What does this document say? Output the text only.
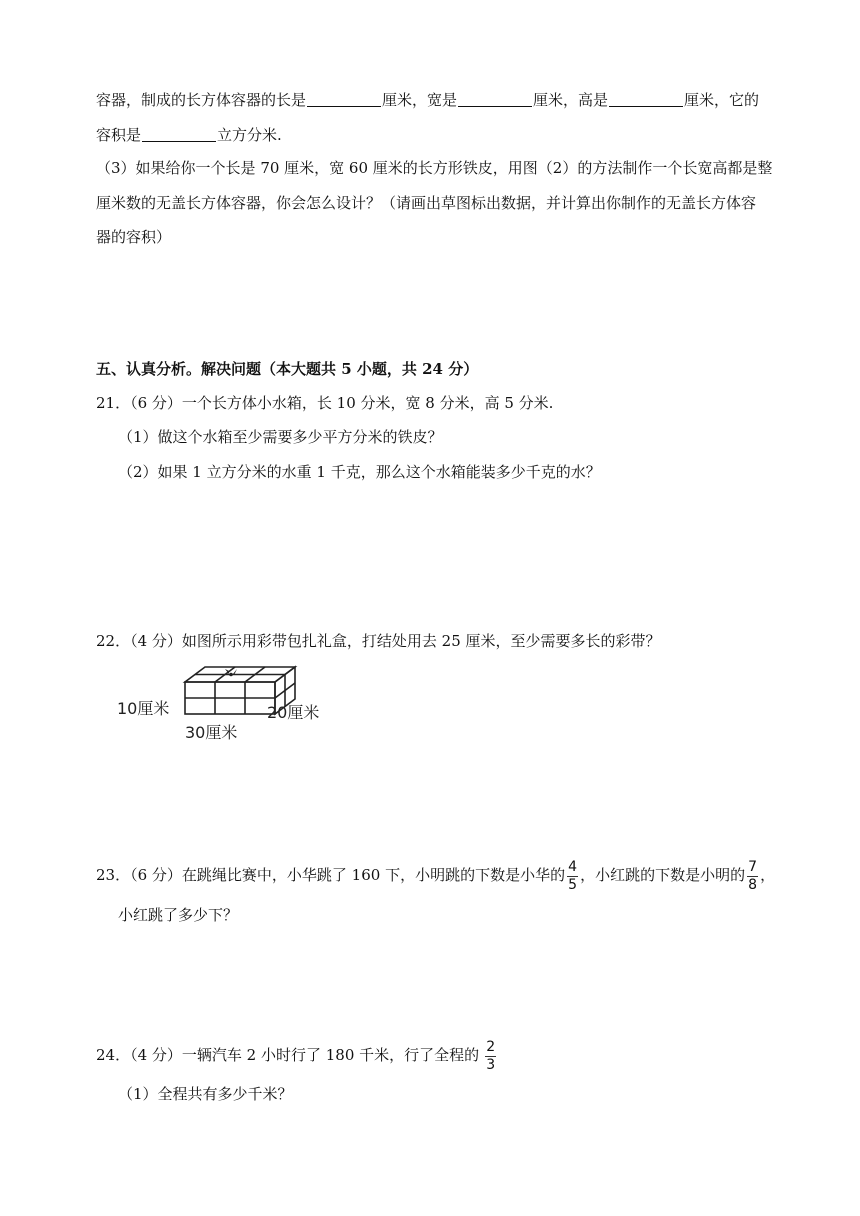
容器，制成的长方体容器的长是	厘米，宽是	厘米，高是	厘米，它的
容积是	立方分米.
（3）如果给你一个长是 70 厘米，宽 60 厘米的长方形铁皮，用图（2）的方法制作一个长宽高都是整
厘米数的无盖长方体容器，你会怎么设计？（请画出草图标出数据，并计算出你制作的无盖长方体容
器的容积）
五、认真分析。解决问题（本大题共 5 小题，共 24 分）
21．（6 分）一个长方体小水箱，长 10 分米，宽 8 分米，高 5 分米.
（1）做这个水箱至少需要多少平方分米的铁皮？
（2）如果 1 立方分米的水重 1 千克，那么这个水箱能装多少千克的水？
22．（4 分）如图所示用彩带包扎礼盒，打结处用去 25 厘米，至少需要多长的彩带？
10厘米	20厘米
30厘米
23．（6 分）在跳绳比赛中，小华跳了 160 下，小明跳的下数是小华的 $\frac{4}{5}$ ，小红跳的下数是小明的 $\frac{7}{8}$ ，
小红跳了多少下？
24．（4 分）一辆汽车 2 小时行了 180 千米，行了全程的 $\frac{2}{3}$
（1）全程共有多少千米？
